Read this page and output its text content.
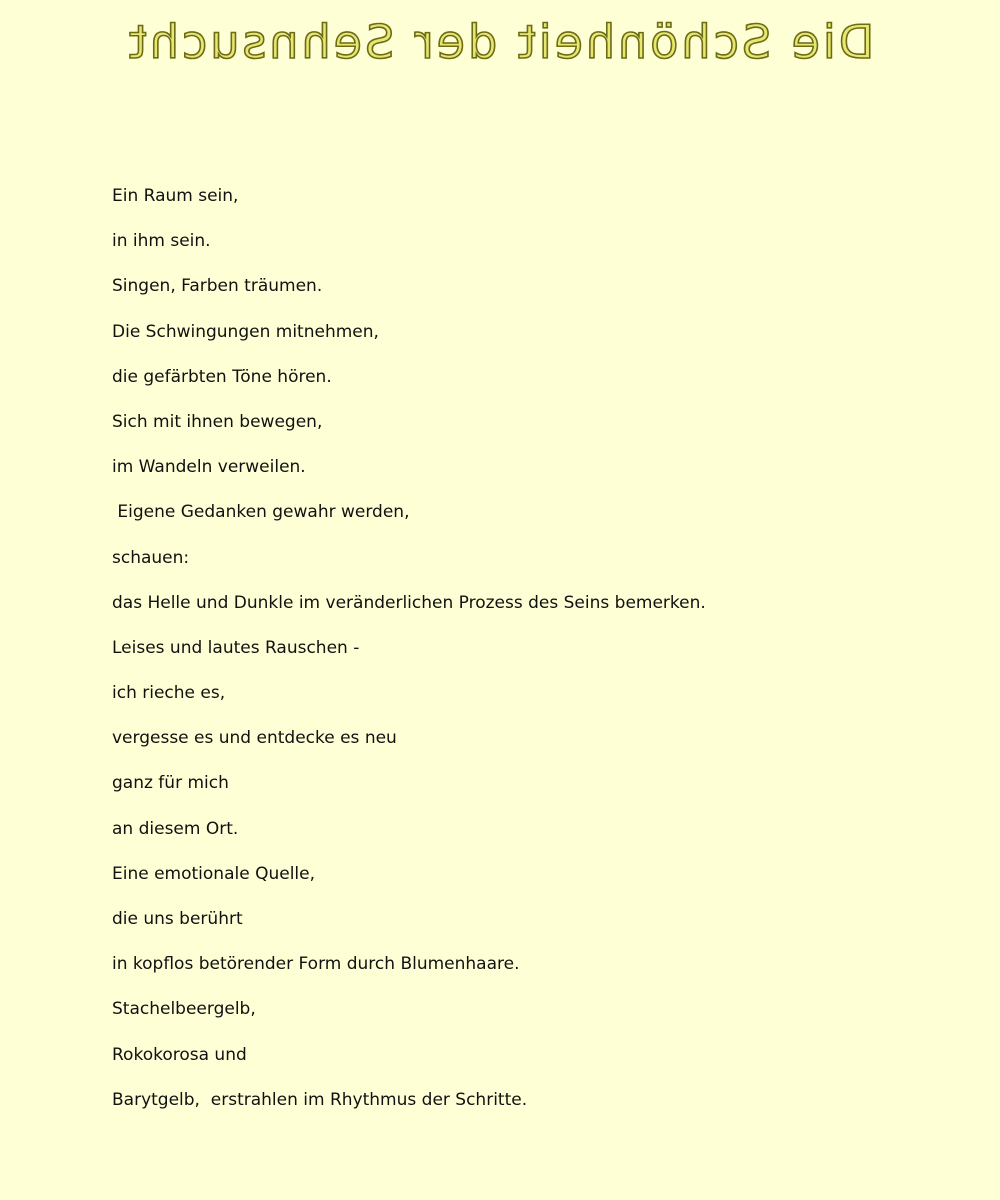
Die Schönheit der Sehnsucht
Ein Raum sein,
in ihm sein.
Singen, Farben träumen.
Die Schwingungen mitnehmen,
die gefärbten Töne hören.
Sich mit ihnen bewegen,
im Wandeln verweilen.
Eigene Gedanken gewahr werden,
schauen:
das Helle und Dunkle im veränderlichen Prozess des Seins bemerken.
Leises und lautes Rauschen -
ich rieche es,
vergesse es und entdecke es neu
ganz für mich
an diesem Ort.
Eine emotionale Quelle,
die uns berührt
in kopflos betörender Form durch Blumenhaare.
Stachelbeergelb,
Rokokorosa und
Barytgelb,  erstrahlen im Rhythmus der Schritte.
